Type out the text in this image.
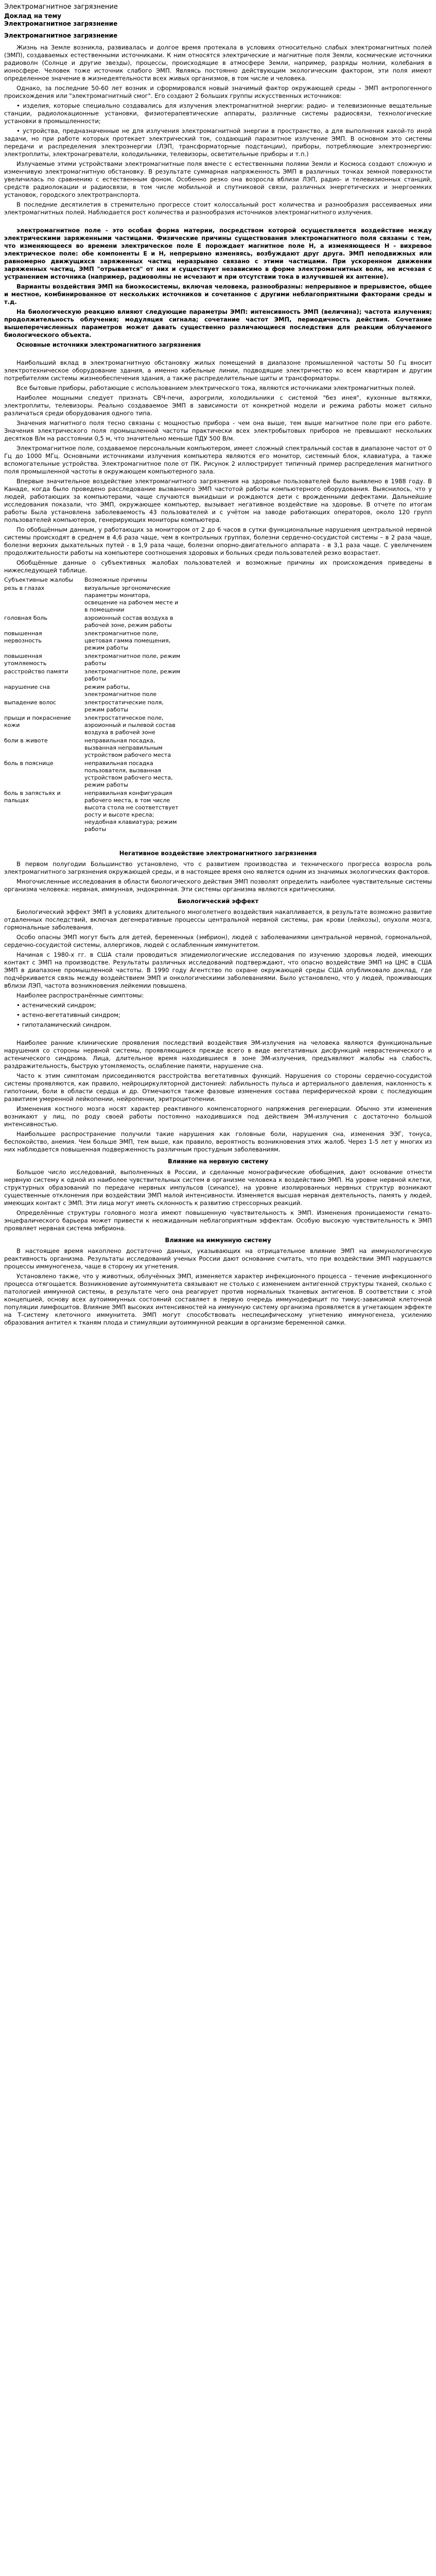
Электромагнитное загрязнение
Доклад на тему
Электромагнитное загрязнение
Электромагнитное загрязнение

Жизнь на Земле возникла, развивалась и долгое время протекала в условиях относительно слабых электромагнитных полей (ЭМП), создаваемых естественными источниками. К ним относятся электрические и магнитные поля Земли, космические источники радиоволн (Солнце и другие звезды), процессы, происходящие в атмосфере Земли, например, разряды молнии, колебания в ионосфере. Человек тоже источник слабого ЭМП. Являясь постоянно действующим экологическим фактором, эти поля имеют определенное значение в жизнедеятельности всех живых организмов, в том числе и человека.

Однако, за последние 50-60 лет возник и сформировался новый значимый фактор окружающей среды – ЭМП антропогенного происхождения или "электромагнитный смог". Его создают 2 больших группы искусственных источников:

• изделия, которые специально создавались для излучения электромагнитной энергии: радио- и телевизионные вещательные станции, радиолокационные установки, физиотерапевтические аппараты, различные системы радиосвязи, технологические установки в промышленности;

• устройства, предназначенные не для излучения электромагнитной энергии в пространство, а для выполнения какой-то иной задачи, но при работе которых протекает электрический ток, создающий паразитное излучение ЭМП. В основном это системы передачи и распределения электроэнергии (ЛЭП, трансформаторные подстанции), приборы, потребляющие электроэнергию: электроплиты, электронагреватели, холодильники, телевизоры, осветительные приборы и т.п.)

Излучаемые этими устройствами электромагнитные поля вместе с естественными полями Земли и Космоса создают сложную и изменчивую электромагнитную обстановку. В результате суммарная напряженность ЭМП в различных точках земной поверхности увеличилась по сравнению с естественным фоном. Особенно резко она возросла вблизи ЛЭП, радио- и телевизионных станций, средств радиолокации и радиосвязи, в том числе мобильной и спутниковой связи, различных энергетических и энергоемких установок, городского электротранспорта.

В последние десятилетия в стремительно прогрессе стоит колоссальный рост количества и разнообразия рассеиваемых ими электромагнитных полей. Наблюдается рост количества и разнообразия источников электромагнитного излучения.

электромагнитное поле - это особая форма материи, посредством которой осуществляется воздействие между электрическими заряженными частицами. Физические причины существования электромагнитного поля связаны с тем, что изменяющееся во времени электрическое поле E порождает магнитное поле H, а изменяющееся H - вихревое электрическое поле: обе компоненты E и H, непрерывно изменяясь, возбуждают друг друга. ЭМП неподвижных или равномерно движущихся заряженных частиц неразрывно связано с этими частицами. При ускоренном движении заряженных частиц, ЭМП "отрывается" от них и существует независимо в форме электромагнитных волн, не исчезая с устранением источника (например, радиоволны не исчезают и при отсутствии тока в излучившей их антенне).

Варианты воздействия ЭМП на биоэкосистемы, включая человека, разнообразны: непрерывное и прерывистое, общее и местное, комбинированное от нескольких источников и сочетанное с другими неблагоприятными факторами среды и т.д.

На биологическую реакцию влияют следующие параметры ЭМП: интенсивность ЭМП (величина); частота излучения; продолжительность облучения; модуляция сигнала; сочетание частот ЭМП, периодичность действия. Сочетание вышеперечисленных параметров может давать существенно различающиеся последствия для реакции облучаемого биологического объекта.

Основные источники электромагнитного загрязнения

Наибольший вклад в электромагнитную обстановку жилых помещений в диапазоне промышленной частоты 50 Гц вносит электротехническое оборудование здания, а именно кабельные линии, подводящие электричество ко всем квартирам и другим потребителям системы жизнеобеспечения здания, а также распределительные щиты и трансформаторы.

Все бытовые приборы, работающие с использованием электрического тока, являются источниками электромагнитных полей.

Наиболее мощными следует признать СВЧ-печи, аэрогрили, холодильники с системой "без инея", кухонные вытяжки, электроплиты, телевизоры. Реально создаваемое ЭМП в зависимости от конкретной модели и режима работы может сильно различаться среди оборудования одного типа.

Значения магнитного поля тесно связаны с мощностью прибора - чем она выше, тем выше магнитное поле при его работе. Значения электрического поля промышленной частоты практически всех электробытовых приборов не превышают нескольких десятков В/м на расстоянии 0,5 м, что значительно меньше ПДУ 500 В/м.

Электромагнитное поле, создаваемое персональным компьютером, имеет сложный спектральный состав в диапазоне частот от 0 Гц до 1000 МГц. Основными источниками излучения компьютера являются его монитор, системный блок, клавиатура, а также вспомогательные устройства. Электромагнитное поле от ПК. Рисунок 2 иллюстрирует типичный пример распределения магнитного поля промышленной частоты в окружающем компьютерного зала.

Впервые значительное воздействие электромагнитного загрязнения на здоровье пользователей было выявлено в 1988 году. В Канаде, когда было проведено расследование вызванного ЭМП частотой работы компьютерного оборудования. Выяснилось, что у людей, работающих за компьютерами, чаще случаются выкидыши и рождаются дети с врожденными дефектами. Дальнейшие исследования показали, что ЭМП, окружающее компьютер, вызывает негативное воздействие на здоровье. В отчете по итогам работы Была установлена заболеваемость 43 пользователей и с учётом на заводе работающих операторов, около 120 групп пользователей компьютеров, генерирующих мониторы компьютера.

По обобщённым данным, у работающих за монитором от 2 до 6 часов в сутки функциональные нарушения центральной нервной системы происходят в среднем в 4,6 раза чаще, чем в контрольных группах, болезни сердечно-сосудистой системы – в 2 раза чаще, болезни верхних дыхательных путей - в 1,9 раза чаще, болезни опорно-двигательного аппарата - в 3,1 раза чаще. С увеличением продолжительности работы на компьютере соотношения здоровых и больных среди пользователей резко возрастает.

Обобщённые данные о субъективных жалобах пользователей и возможные причины их происхождения приведены в нижеследующей таблице.

Субъективные жалобы	Возможные причины
резь в глазах	визуальные эргономические параметры монитора, освещение на рабочем месте и в помещении
головная боль	аэроионный состав воздуха в рабочей зоне, режим работы
повышенная нервозность	электромагнитное поле, цветовая гамма помещения, режим работы
повышенная утомляемость	электромагнитное поле, режим работы
расстройство памяти	электромагнитное поле, режим работы
нарушение сна	режим работы, электромагнитное поле
выпадение волос	электростатические поля, режим работы
прыщи и покраснение кожи	электростатическое поле, аэроионный и пылевой состав воздуха в рабочей зоне
боли в животе	неправильная посадка, вызванная неправильным устройством рабочего места
боль в пояснице	неправильная посадка пользователя, вызванная устройством рабочего места, режим работы
боль в запястьях и пальцах	неправильная конфигурация рабочего места, в том числе высота стола не соответствует росту и высоте кресла; неудобная клавиатура; режим работы
Негативное воздействие электромагнитного загрязнения

В первом полугодии Большинство установлено, что с развитием производства и технического прогресса возросла роль электромагнитного загрязнения окружающей среды, и в настоящее время оно является одним из значимых экологических факторов.

Многочисленные исследования в области биологического действия ЭМП позволят определить наиболее чувствительные системы организма человека: нервная, иммунная, эндокринная. Эти системы организма являются критическими.

Биологический эффект

Биологический эффект ЭМП в условиях длительного многолетнего воздействия накапливается, в результате возможно развитие отдаленных последствий, включая дегенеративные процессы центральной нервной системы, рак крови (лейкозы), опухоли мозга, гормональные заболевания.

Особо опасны ЭМП могут быть для детей, беременных (эмбрион), людей с заболеваниями центральной нервной, гормональной, сердечно-сосудистой системы, аллергиков, людей с ослабленным иммунитетом.

Начиная с 1980-х гг. в США стали проводиться эпидемиологические исследования по изучению здоровья людей, имеющих контакт с ЭМП на производстве. Результаты различных исследований подтверждают, что опасно воздействие ЭМП на ЦНС в США ЭМП в диапазоне промышленной частоты. В 1990 году Агентство по охране окружающей среды США опубликовало доклад, где подчёркивается связь между воздействием ЭМП и онкологическими заболеваниями. Было установлено, что у людей, проживающих вблизи ЛЭП, частота возникновения лейкемии повышена.

Наиболее распространённые симптомы:

• астенический синдром;

• астено-вегетативный синдром;

• гипоталамический синдром.

Наиболее ранние клинические проявления последствий воздействия ЭМ-излучения на человека являются функциональные нарушения со стороны нервной системы, проявляющиеся прежде всего в виде вегетативных дисфункций неврастенического и астенического синдрома. Лица, длительное время находившиеся в зоне ЭМ-излучения, предъявляют жалобы на слабость, раздражительность, быструю утомляемость, ослабление памяти, нарушение сна.

Часто к этим симптомам присоединяются расстройства вегетативных функций. Нарушения со стороны сердечно-сосудистой системы проявляются, как правило, нейроциркуляторной дистонией: лабильность пульса и артериального давления, наклонность к гипотонии, боли в области сердца и др. Отмечаются также фазовые изменения состава периферической крови с последующим развитием умеренной лейкопении, нейропении, эритроцитопении.

Изменения костного мозга носят характер реактивного компенсаторного напряжения регенерации. Обычно эти изменения возникают у лиц, по роду своей работы постоянно находившихся под действием ЭМ-излучения с достаточно большой интенсивностью.

Наибольшее распространение получили такие нарушения как головные боли, нарушения сна, изменения ЭЭГ, тонуса, беспокойство, анемия. Чем больше ЭМП, тем выше, как правило, вероятность возникновения этих жалоб. Через 1-5 лет у многих из них наблюдается повышенная подверженность различным простудным заболеваниям.

Влияние на нервную систему

Большое число исследований, выполненных в России, и сделанные монографические обобщения, дают основание отнести нервную систему к одной из наиболее чувствительных систем в организме человека к воздействию ЭМП. На уровне нервной клетки, структурных образований по передаче нервных импульсов (синапсе), на уровне изолированных нервных структур возникают существенные отклонения при воздействии ЭМП малой интенсивности. Изменяется высшая нервная деятельность, память у людей, имеющих контакт с ЭМП. Эти лица могут иметь склонность к развитию стрессорных реакций.

Определённые структуры головного мозга имеют повышенную чувствительность к ЭМП. Изменения проницаемости гемато-энцефалического барьера может привести к неожиданным неблагоприятным эффектам. Особую высокую чувствительность к ЭМП проявляет нервная система эмбриона.

Влияние на иммунную систему

В настоящее время накоплено достаточно данных, указывающих на отрицательное влияние ЭМП на иммунологическую реактивность организма. Результаты исследований ученых России дают основание считать, что при воздействии ЭМП нарушаются процессы иммуногенеза, чаще в сторону их угнетения.

Установлено также, что у животных, облучённых ЭМП, изменяется характер инфекционного процесса – течение инфекционного процесса отягощается. Возникновение аутоиммунитета связывают не столько с изменением антигенной структуры тканей, сколько с патологией иммунной системы, в результате чего она реагирует против нормальных тканевых антигенов. В соответствии с этой концепцией, основу всех аутоиммунных состояний составляет в первую очередь иммунодефицит по тимус-зависимой клеточной популяции лимфоцитов. Влияние ЭМП высоких интенсивностей на иммунную систему организма проявляется в угнетающем эффекте на Т-систему клеточного иммунитета. ЭМП могут способствовать неспецифическому угнетению иммуногенеза, усилению образования антител к тканям плода и стимуляции аутоиммунной реакции в организме беременной самки.
